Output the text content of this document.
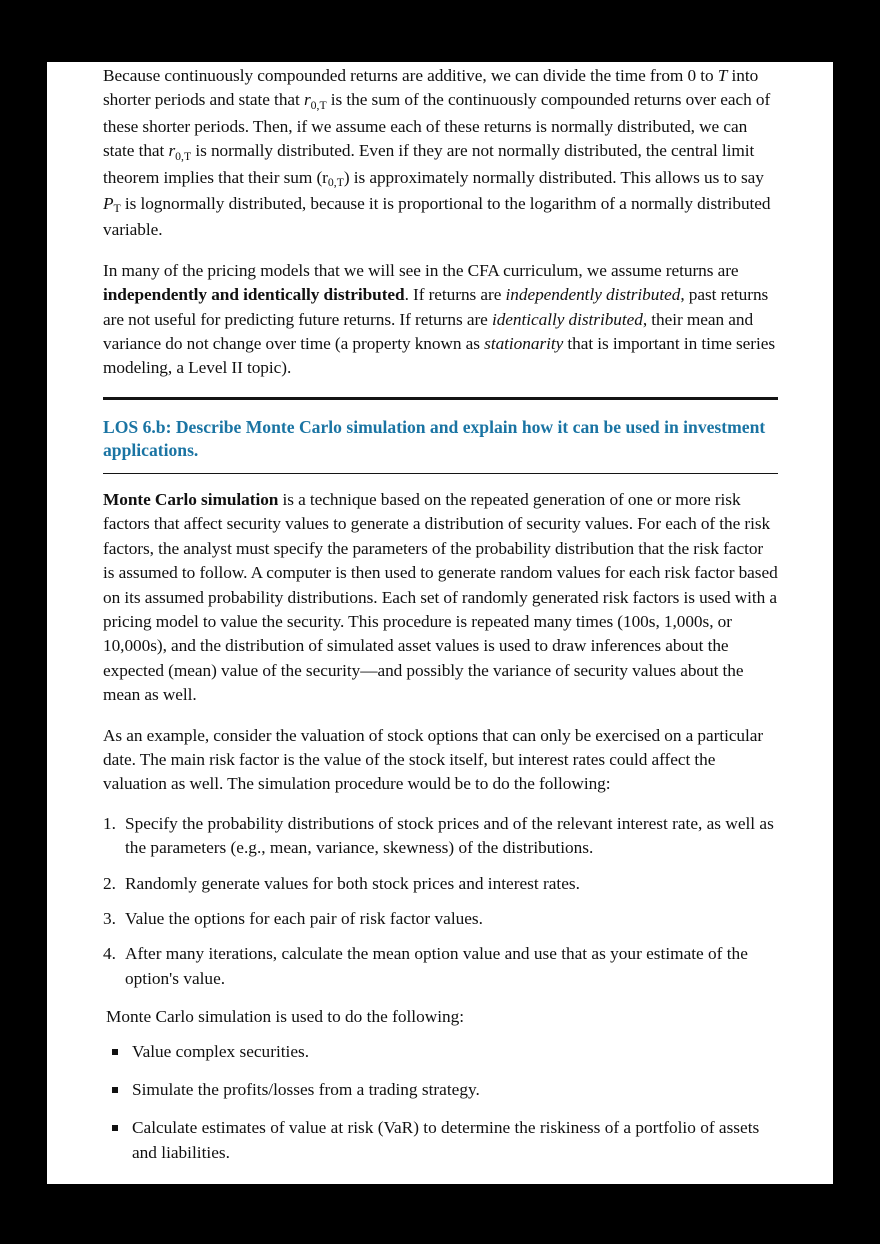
Because continuously compounded returns are additive, we can divide the time from 0 to T into shorter periods and state that $r_{0,T}$ is the sum of the continuously compounded returns over each of these shorter periods. Then, if we assume each of these returns is normally distributed, we can state that $r_{0,T}$ is normally distributed. Even if they are not normally distributed, the central limit theorem implies that their sum $(r_{0,T})$ is approximately normally distributed. This allows us to say $P_T$ is lognormally distributed, because it is proportional to the logarithm of a normally distributed variable.

In many of the pricing models that we will see in the CFA curriculum, we assume returns are independently and identically distributed. If returns are independently distributed, past returns are not useful for predicting future returns. If returns are identically distributed, their mean and variance do not change over time (a property known as stationarity that is important in time series modeling, a Level II topic).

LOS 6.b: Describe Monte Carlo simulation and explain how it can be used in investment applications.

Monte Carlo simulation is a technique based on the repeated generation of one or more risk factors that affect security values to generate a distribution of security values. For each of the risk factors, the analyst must specify the parameters of the probability distribution that the risk factor is assumed to follow. A computer is then used to generate random values for each risk factor based on its assumed probability distributions. Each set of randomly generated risk factors is used with a pricing model to value the security. This procedure is repeated many times (100s, 1,000s, or 10,000s), and the distribution of simulated asset values is used to draw inferences about the expected (mean) value of the security—and possibly the variance of security values about the mean as well.

As an example, consider the valuation of stock options that can only be exercised on a particular date. The main risk factor is the value of the stock itself, but interest rates could affect the valuation as well. The simulation procedure would be to do the following:

Specify the probability distributions of stock prices and of the relevant interest rate, as well as the parameters (e.g., mean, variance, skewness) of the distributions.
Randomly generate values for both stock prices and interest rates.
Value the options for each pair of risk factor values.
After many iterations, calculate the mean option value and use that as your estimate of the option's value.

Monte Carlo simulation is used to do the following:

Value complex securities.
Simulate the profits/losses from a trading strategy.
Calculate estimates of value at risk (VaR) to determine the riskiness of a portfolio of assets and liabilities.
